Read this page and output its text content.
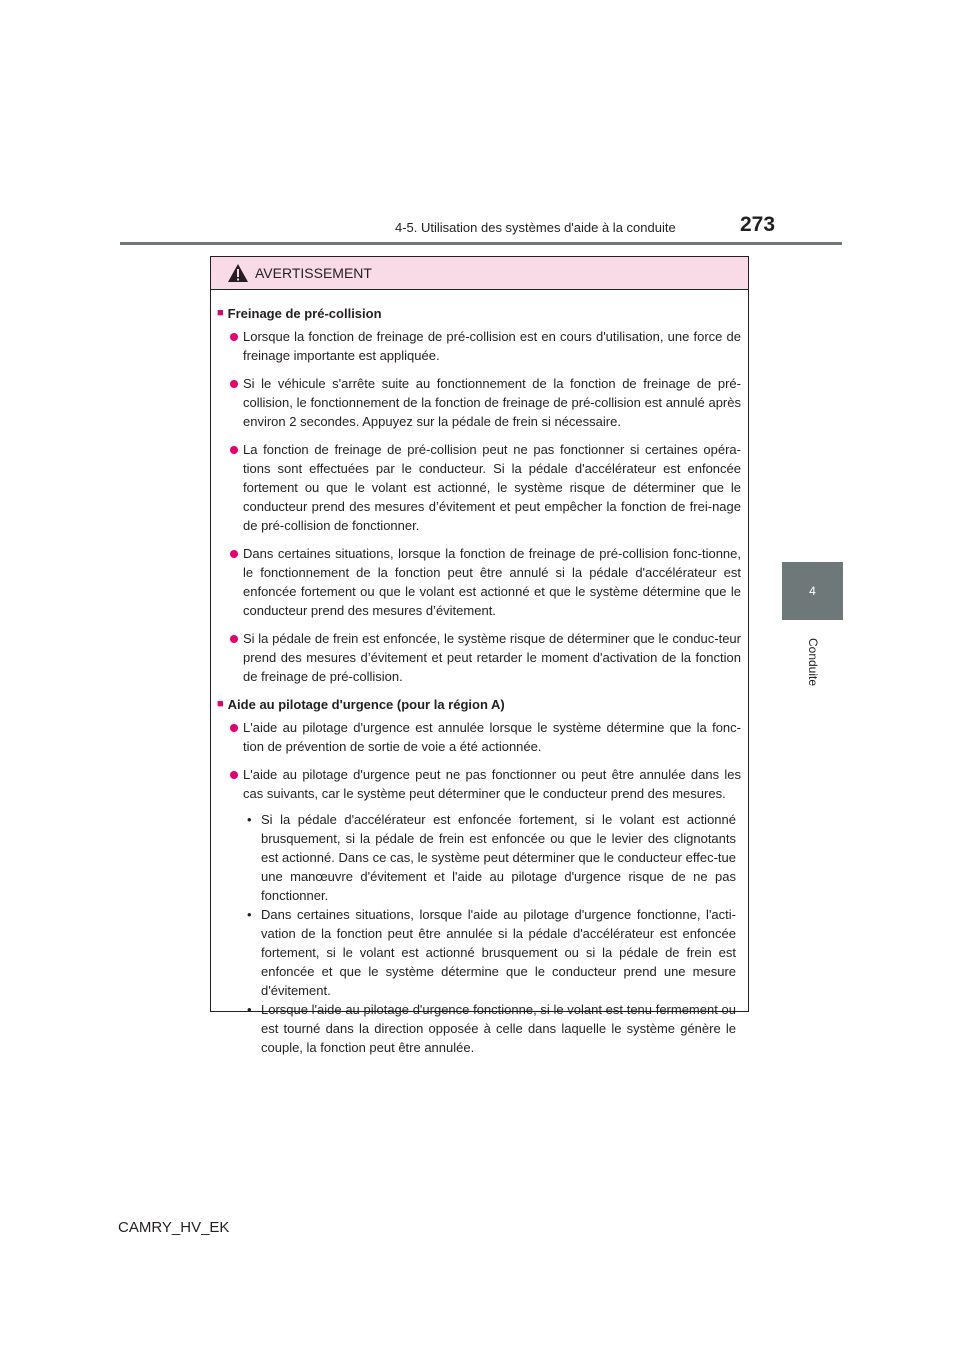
4-5. Utilisation des systèmes d'aide à la conduite	273
4
Conduite
AVERTISSEMENT
■ Freinage de pré-collision
Lorsque la fonction de freinage de pré-collision est en cours d'utilisation, une force de freinage importante est appliquée.
Si le véhicule s'arrête suite au fonctionnement de la fonction de freinage de pré-collision, le fonctionnement de la fonction de freinage de pré-collision est annulé après environ 2 secondes. Appuyez sur la pédale de frein si nécessaire.
La fonction de freinage de pré-collision peut ne pas fonctionner si certaines opéra-tions sont effectuées par le conducteur. Si la pédale d'accélérateur est enfoncée fortement ou que le volant est actionné, le système risque de déterminer que le conducteur prend des mesures d’évitement et peut empêcher la fonction de frei-nage de pré-collision de fonctionner.
Dans certaines situations, lorsque la fonction de freinage de pré-collision fonc-tionne, le fonctionnement de la fonction peut être annulé si la pédale d'accélérateur est enfoncée fortement ou que le volant est actionné et que le système détermine que le conducteur prend des mesures d’évitement.
Si la pédale de frein est enfoncée, le système risque de déterminer que le conduc-teur prend des mesures d’évitement et peut retarder le moment d'activation de la fonction de freinage de pré-collision.
■ Aide au pilotage d'urgence (pour la région A)
L'aide au pilotage d'urgence est annulée lorsque le système détermine que la fonc-tion de prévention de sortie de voie a été actionnée.
L'aide au pilotage d'urgence peut ne pas fonctionner ou peut être annulée dans les cas suivants, car le système peut déterminer que le conducteur prend des mesures.
• Si la pédale d'accélérateur est enfoncée fortement, si le volant est actionné brusquement, si la pédale de frein est enfoncée ou que le levier des clignotants est actionné. Dans ce cas, le système peut déterminer que le conducteur effec-tue une manœuvre d'évitement et l'aide au pilotage d'urgence risque de ne pas fonctionner.
• Dans certaines situations, lorsque l'aide au pilotage d'urgence fonctionne, l'acti-vation de la fonction peut être annulée si la pédale d'accélérateur est enfoncée fortement, si le volant est actionné brusquement ou si la pédale de frein est enfoncée et que le système détermine que le conducteur prend une mesure d'évitement.
• Lorsque l'aide au pilotage d'urgence fonctionne, si le volant est tenu fermement ou est tourné dans la direction opposée à celle dans laquelle le système génère le couple, la fonction peut être annulée.
CAMRY_HV_EK
